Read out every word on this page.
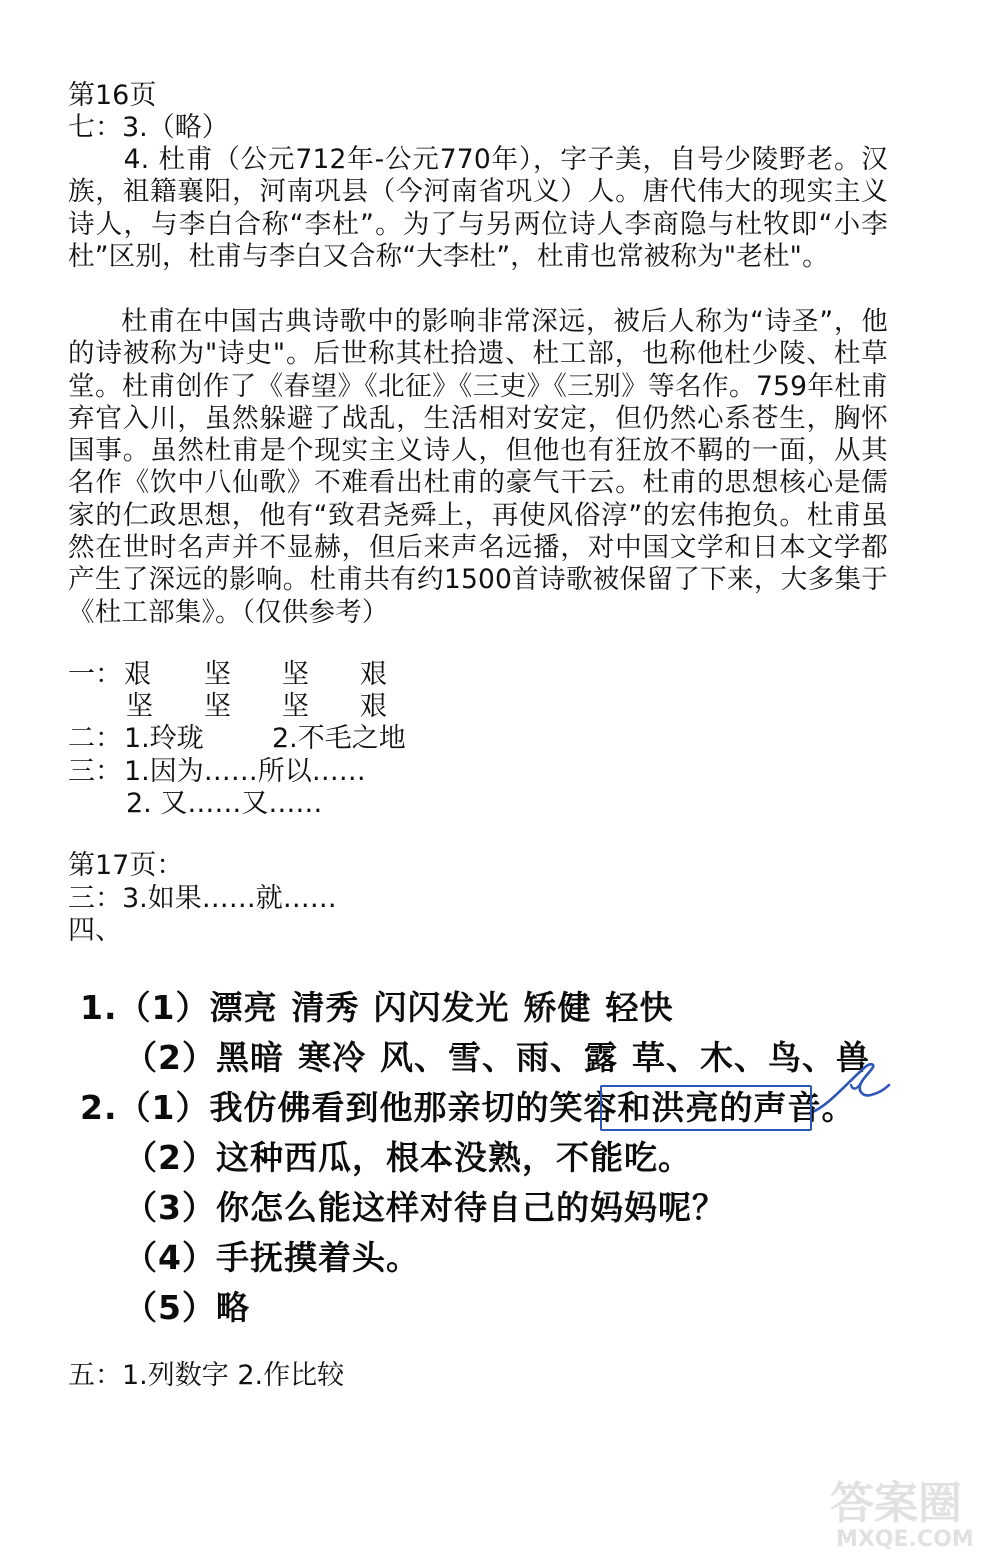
第16页
七：3.（略）
4. 杜甫（公元712年-公元770年），字子美，自号少陵野老。汉族，祖籍襄阳，河南巩县（今河南省巩义）人。唐代伟大的现实主义诗人，与李白合称“李杜”。为了与另两位诗人李商隐与杜牧即“小李杜”区别，杜甫与李白又合称“大李杜”，杜甫也常被称为"老杜"。
杜甫在中国古典诗歌中的影响非常深远，被后人称为“诗圣”，他的诗被称为"诗史"。后世称其杜拾遗、杜工部，也称他杜少陵、杜草堂。杜甫创作了《春望》《北征》《三吏》《三别》等名作。759年杜甫弃官入川，虽然躲避了战乱，生活相对安定，但仍然心系苍生，胸怀国事。虽然杜甫是个现实主义诗人，但他也有狂放不羁的一面，从其名作《饮中八仙歌》不难看出杜甫的豪气干云。杜甫的思想核心是儒家的仁政思想，他有“致君尧舜上，再使风俗淳”的宏伟抱负。杜甫虽然在世时名声并不显赫，但后来声名远播，对中国文学和日本文学都产生了深远的影响。杜甫共有约1500首诗歌被保留了下来，大多集于《杜工部集》。（仅供参考）
一： 艰 坚 坚 艰
坚 坚 坚 艰
二： 1.玲珑	2.不毛之地
三： 1.因为……所以……
2. 又……又……
第17页：
三：3.如果……就……
四、
1.（1）漂亮 清秀 闪闪发光 矫健 轻快
（2）黑暗 寒冷 风、雪、雨、露 草、木、鸟、兽
2.（1）我仿佛看到他那亲切的笑容和洪亮的声音。
（2）这种西瓜，根本没熟，不能吃。
（3）你怎么能这样对待自己的妈妈呢？
（4）手抚摸着头。
（5）略
五：1.列数字 2.作比较
答案圈
MXQE.COM
